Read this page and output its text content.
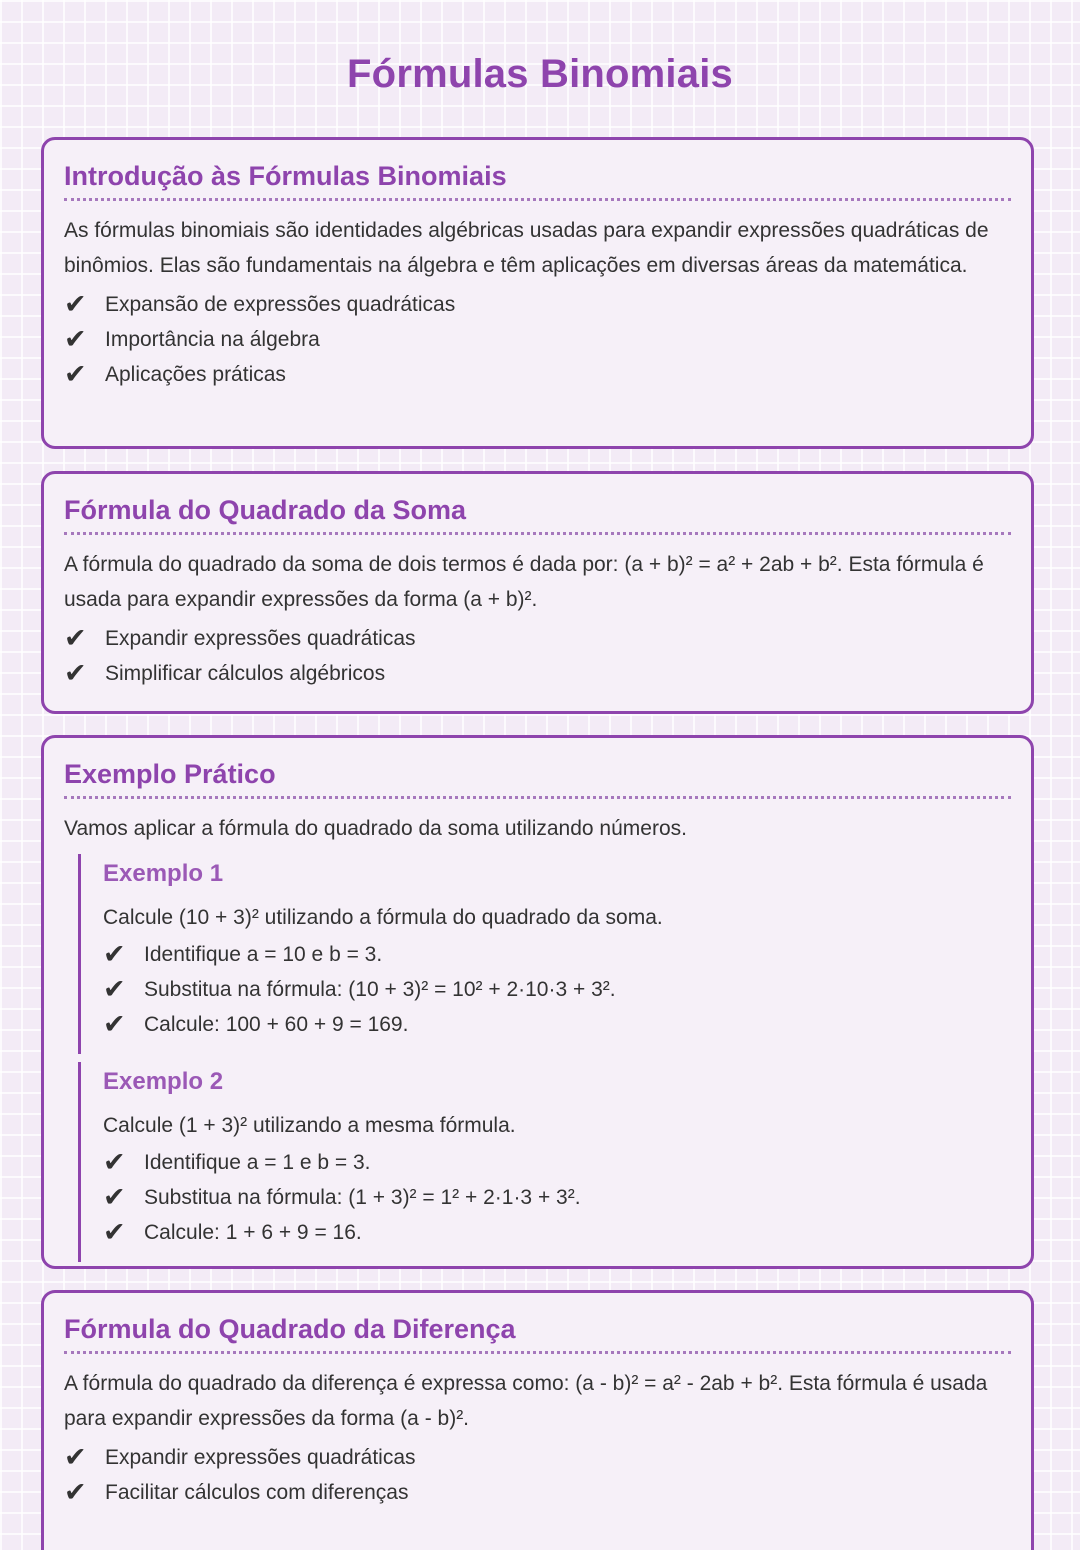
Fórmulas Binomiais
Introdução às Fórmulas Binomiais

As fórmulas binomiais são identidades algébricas usadas para expandir expressões quadráticas de binômios. Elas são fundamentais na álgebra e têm aplicações em diversas áreas da matemática.

✔ Expansão de expressões quadráticas
✔ Importância na álgebra
✔ Aplicações práticas
Fórmula do Quadrado da Soma

A fórmula do quadrado da soma de dois termos é dada por: (a + b)² = a² + 2ab + b². Esta fórmula é usada para expandir expressões da forma (a + b)².

✔ Expandir expressões quadráticas
✔ Simplificar cálculos algébricos
Exemplo Prático

Vamos aplicar a fórmula do quadrado da soma utilizando números.

Exemplo 1

Calcule (10 + 3)² utilizando a fórmula do quadrado da soma.

✔ Identifique a = 10 e b = 3.
✔ Substitua na fórmula: (10 + 3)² = 10² + 2·10·3 + 3².
✔ Calcule: 100 + 60 + 9 = 169.
Exemplo 2

Calcule (1 + 3)² utilizando a mesma fórmula.

✔ Identifique a = 1 e b = 3.
✔ Substitua na fórmula: (1 + 3)² = 1² + 2·1·3 + 3².
✔ Calcule: 1 + 6 + 9 = 16.
Fórmula do Quadrado da Diferença

A fórmula do quadrado da diferença é expressa como: (a - b)² = a² - 2ab + b². Esta fórmula é usada para expandir expressões da forma (a - b)².

✔ Expandir expressões quadráticas
✔ Facilitar cálculos com diferenças
